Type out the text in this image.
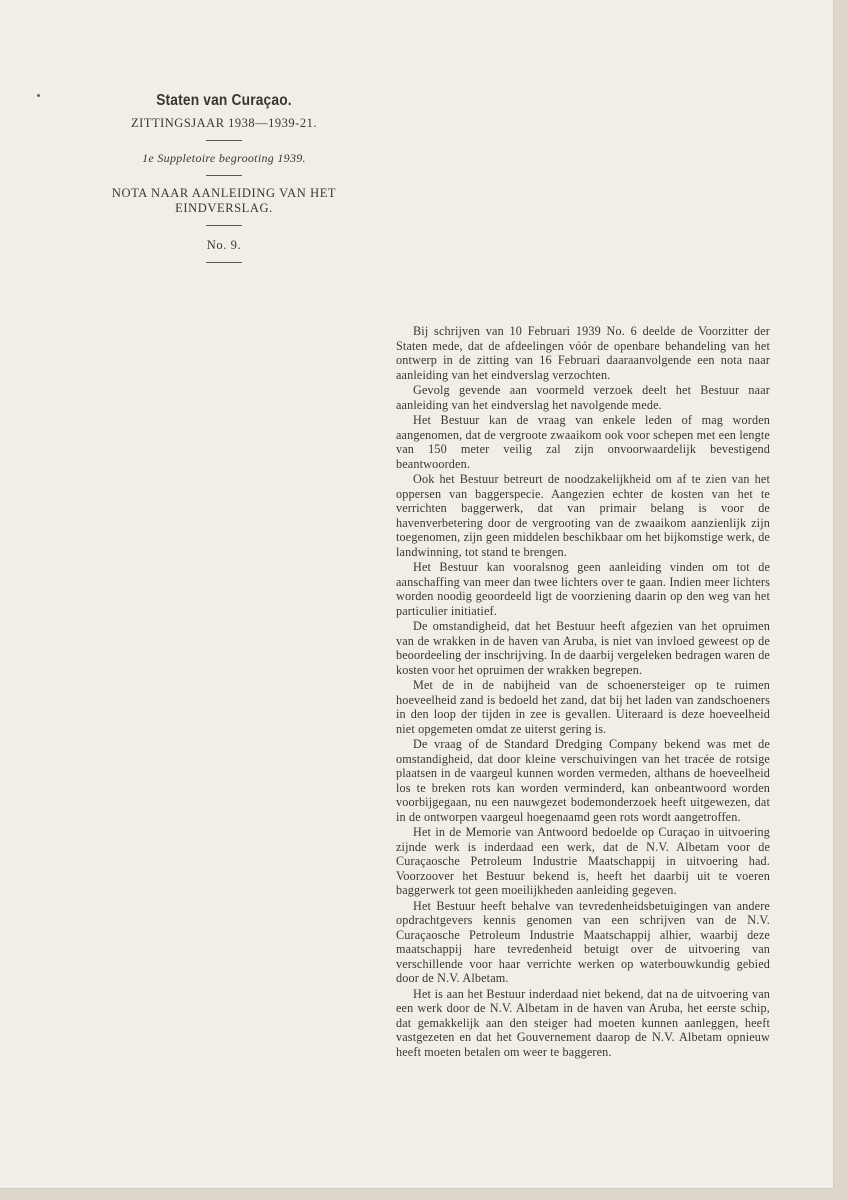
Staten van Curaçao.
ZITTINGSJAAR 1938—1939-21.
1e Suppletoire begrooting 1939.
NOTA NAAR AANLEIDING VAN HET
EINDVERSLAG.
No. 9.

Bij schrijven van 10 Februari 1939 No. 6 deelde de Voorzitter der Staten mede, dat de afdeelingen vóór de openbare behandeling van het ontwerp in de zitting van 16 Februari daaraanvolgende een nota naar aanleiding van het eindverslag verzochten.

Gevolg gevende aan voormeld verzoek deelt het Bestuur naar aanleiding van het eindverslag het navolgende mede.

Het Bestuur kan de vraag van enkele leden of mag worden aangenomen, dat de vergroote zwaaikom ook voor schepen met een lengte van 150 meter veilig zal zijn onvoorwaardelijk bevestigend beantwoorden.

Ook het Bestuur betreurt de noodzakelijkheid om af te zien van het oppersen van baggerspecie. Aangezien echter de kosten van het te verrichten baggerwerk, dat van primair belang is voor de havenverbetering door de vergrooting van de zwaaikom aanzienlijk zijn toegenomen, zijn geen middelen beschikbaar om het bijkomstige werk, de landwinning, tot stand te brengen.

Het Bestuur kan vooralsnog geen aanleiding vinden om tot de aanschaffing van meer dan twee lichters over te gaan. Indien meer lichters worden noodig geoordeeld ligt de voorziening daarin op den weg van het particulier initiatief.

De omstandigheid, dat het Bestuur heeft afgezien van het opruimen van de wrakken in de haven van Aruba, is niet van invloed geweest op de beoordeeling der inschrijving. In de daarbij vergeleken bedragen waren de kosten voor het opruimen der wrakken begrepen.

Met de in de nabijheid van de schoenersteiger op te ruimen hoeveelheid zand is bedoeld het zand, dat bij het laden van zandschoeners in den loop der tijden in zee is gevallen. Uiteraard is deze hoeveelheid niet opgemeten omdat ze uiterst gering is.

De vraag of de Standard Dredging Company bekend was met de omstandigheid, dat door kleine verschuivingen van het tracée de rotsige plaatsen in de vaargeul kunnen worden vermeden, althans de hoeveelheid los te breken rots kan worden verminderd, kan onbeantwoord worden voorbijgegaan, nu een nauwgezet bodemonderzoek heeft uitgewezen, dat in de ontworpen vaargeul hoegenaamd geen rots wordt aangetroffen.

Het in de Memorie van Antwoord bedoelde op Curaçao in uitvoering zijnde werk is inderdaad een werk, dat de N.V. Albetam voor de Curaçaosche Petroleum Industrie Maatschappij in uitvoering had. Voorzoover het Bestuur bekend is, heeft het daarbij uit te voeren baggerwerk tot geen moeilijkheden aanleiding gegeven.

Het Bestuur heeft behalve van tevredenheidsbetuigingen van andere opdrachtgevers kennis genomen van een schrijven van de N.V. Curaçaosche Petroleum Industrie Maatschappij alhier, waarbij deze maatschappij hare tevredenheid betuigt over de uitvoering van verschillende voor haar verrichte werken op waterbouwkundig gebied door de N.V. Albetam.

Het is aan het Bestuur inderdaad niet bekend, dat na de uitvoering van een werk door de N.V. Albetam in de haven van Aruba, het eerste schip, dat gemakkelijk aan den steiger had moeten kunnen aanleggen, heeft vastgezeten en dat het Gouvernement daarop de N.V. Albetam opnieuw heeft moeten betalen om weer te baggeren.
